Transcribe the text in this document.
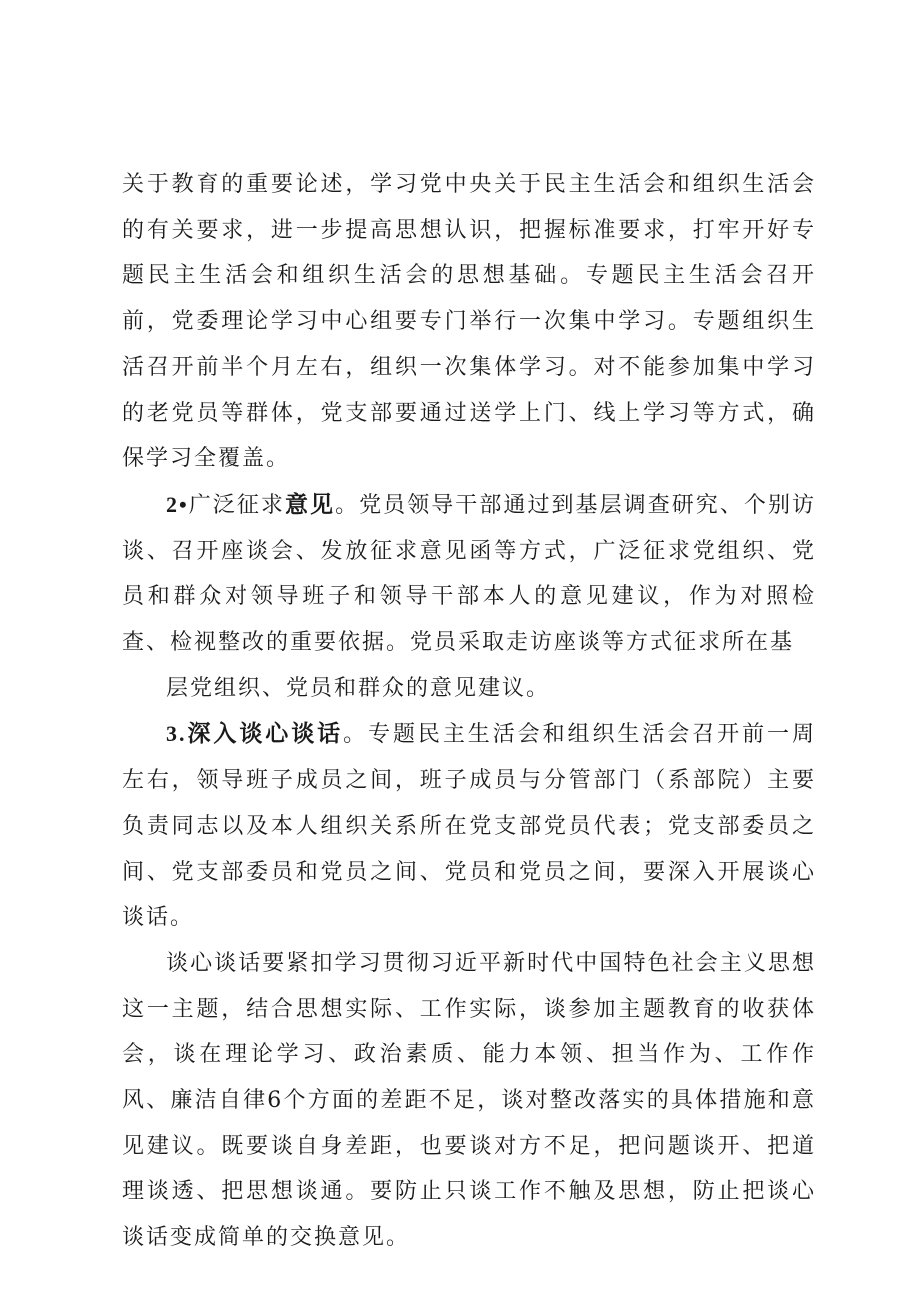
关于教育的重要论述，学习党中央关于民主生活会和组织生活会的有关要求，进一步提高思想认识，把握标准要求，打牢开好专题民主生活会和组织生活会的思想基础。专题民主生活会召开前，党委理论学习中心组要专门举行一次集中学习。专题组织生活召开前半个月左右，组织一次集体学习。对不能参加集中学习的老党员等群体，党支部要通过送学上门、线上学习等方式，确保学习全覆盖。

2•广泛征求意见。党员领导干部通过到基层调查研究、个别访谈、召开座谈会、发放征求意见函等方式，广泛征求党组织、党员和群众对领导班子和领导干部本人的意见建议，作为对照检查、检视整改的重要依据。党员采取走访座谈等方式征求所在基

层党组织、党员和群众的意见建议。

3.深入谈心谈话。专题民主生活会和组织生活会召开前一周左右，领导班子成员之间，班子成员与分管部门（系部院）主要负责同志以及本人组织关系所在党支部党员代表；党支部委员之间、党支部委员和党员之间、党员和党员之间，要深入开展谈心谈话。

谈心谈话要紧扣学习贯彻习近平新时代中国特色社会主义思想这一主题，结合思想实际、工作实际，谈参加主题教育的收获体会，谈在理论学习、政治素质、能力本领、担当作为、工作作风、廉洁自律6个方面的差距不足，谈对整改落实的具体措施和意见建议。既要谈自身差距，也要谈对方不足，把问题谈开、把道理谈透、把思想谈通。要防止只谈工作不触及思想，防止把谈心谈话变成简单的交换意见。
